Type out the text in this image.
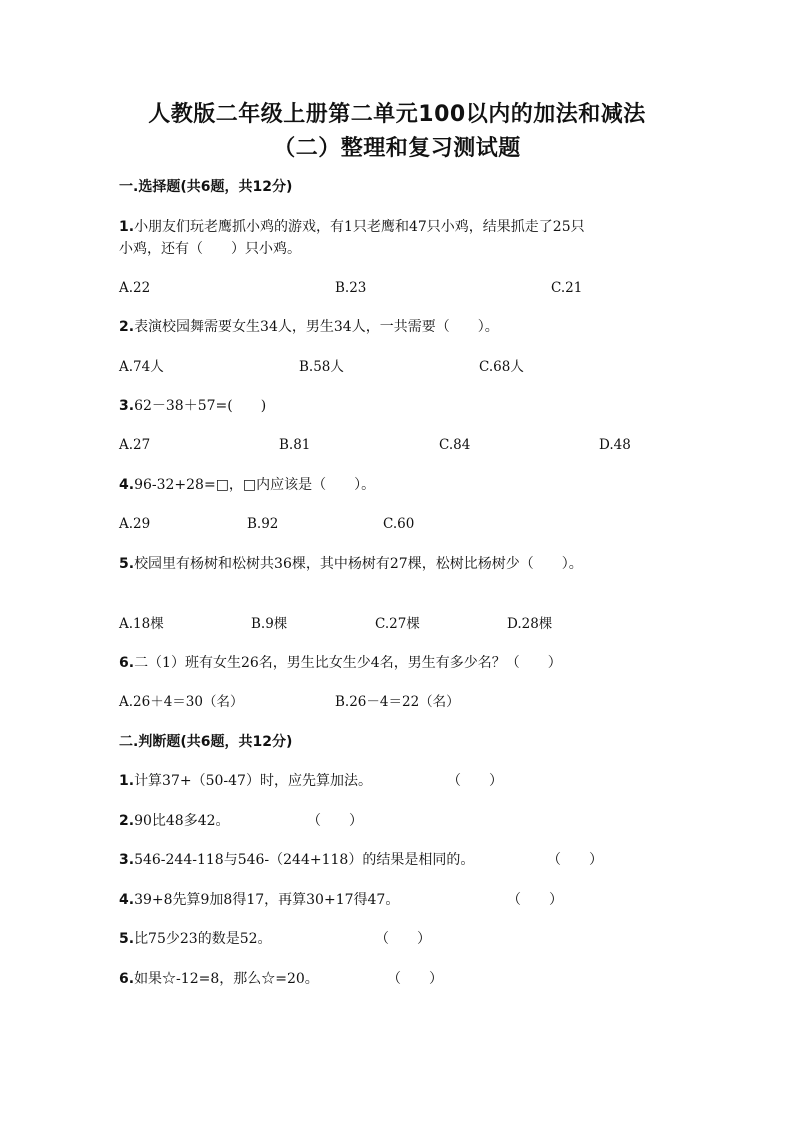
人教版二年级上册第二单元100以内的加法和减法
（二）整理和复习测试题
一.选择题(共6题，共12分)
1.小朋友们玩老鹰抓小鸡的游戏，有1只老鹰和47只小鸡，结果抓走了25只
小鸡，还有（　　）只小鸡。
A.22	B.23	C.21
2.表演校园舞需要女生34人，男生34人，一共需要（　　）。
A.74人	B.58人	C.68人
3.62－38＋57=(　　)
A.27	B.81	C.84	D.48
4.96-32+28=□，□内应该是（　　）。
A.29	B.92	C.60
5.校园里有杨树和松树共36棵，其中杨树有27棵，松树比杨树少（　　）。
A.18棵	B.9棵	C.27棵	D.28棵
6.二（1）班有女生26名，男生比女生少4名，男生有多少名？（　　）
A.26＋4＝30（名）	B.26－4＝22（名）
二.判断题(共6题，共12分)
1.计算37+（50-47）时，应先算加法。	（　　）
2.90比48多42。	（　　）
3.546-244-118与546-（244+118）的结果是相同的。	（　　）
4.39+8先算9加8得17，再算30+17得47。	（　　）
5.比75少23的数是52。	（　　）
6.如果☆-12=8，那么☆=20。	（　　）
